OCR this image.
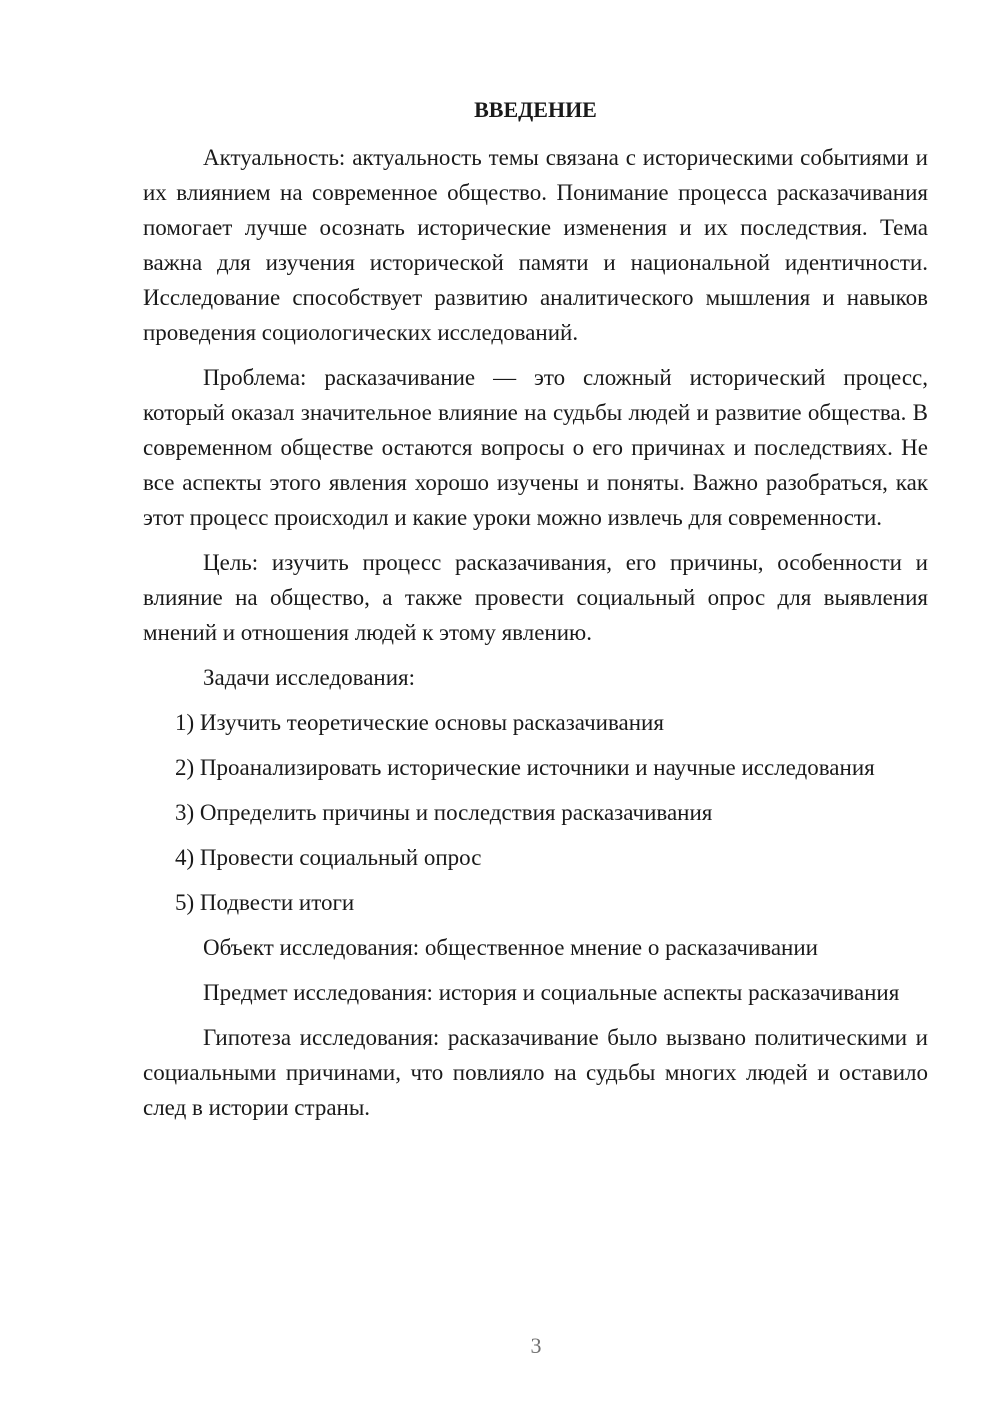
ВВЕДЕНИЕ

Актуальность: актуальность темы связана с историческими событиями и их влиянием на современное общество. Понимание процесса расказачивания помогает лучше осознать исторические изменения и их последствия. Тема важна для изучения исторической памяти и национальной идентичности. Исследование способствует развитию аналитического мышления и навыков проведения социологических исследований.

Проблема: расказачивание — это сложный исторический процесс, который оказал значительное влияние на судьбы людей и развитие общества. В современном обществе остаются вопросы о его причинах и последствиях. Не все аспекты этого явления хорошо изучены и поняты. Важно разобраться, как этот процесс происходил и какие уроки можно извлечь для современности.

Цель: изучить процесс расказачивания, его причины, особенности и влияние на общество, а также провести социальный опрос для выявления мнений и отношения людей к этому явлению.

Задачи исследования:

1) Изучить теоретические основы расказачивания

2) Проанализировать исторические источники и научные исследования

3) Определить причины и последствия расказачивания

4) Провести социальный опрос

5) Подвести итоги

Объект исследования: общественное мнение о расказачивании

Предмет исследования: история и социальные аспекты расказачивания

Гипотеза исследования: расказачивание было вызвано политическими и социальными причинами, что повлияло на судьбы многих людей и оставило след в истории страны.

3
